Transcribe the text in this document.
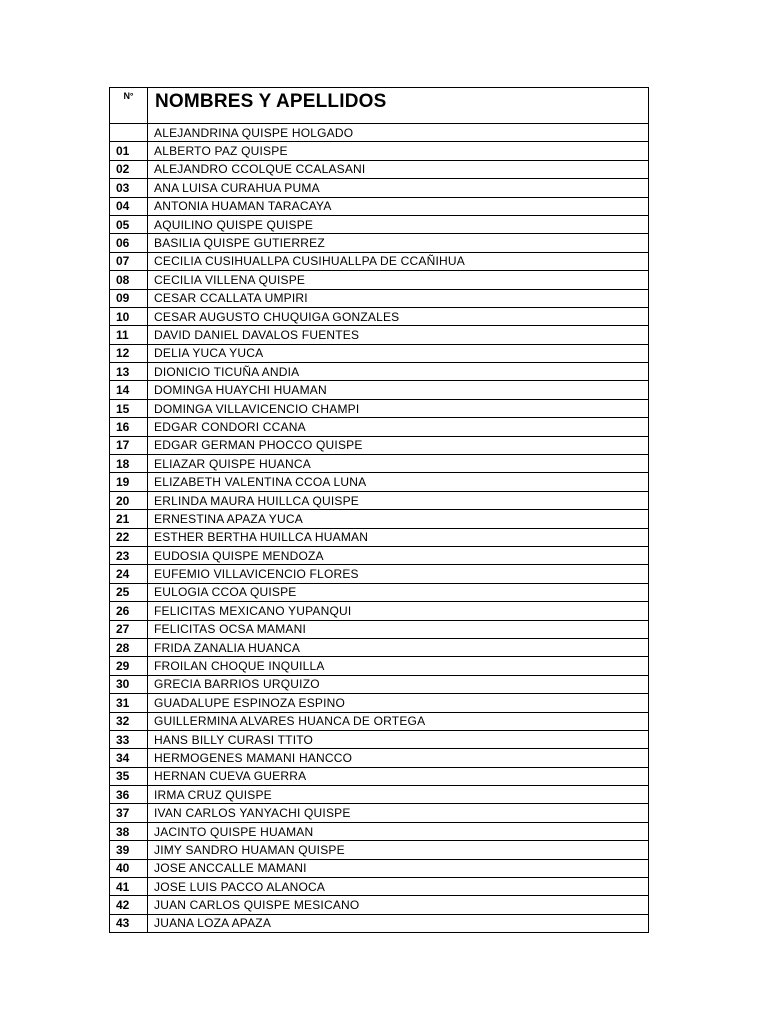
N°	NOMBRES Y APELLIDOS
	ALEJANDRINA QUISPE HOLGADO
01	ALBERTO PAZ QUISPE
02	ALEJANDRO CCOLQUE CCALASANI
03	ANA LUISA CURAHUA PUMA
04	ANTONIA HUAMAN TARACAYA
05	AQUILINO QUISPE QUISPE
06	BASILIA QUISPE GUTIERREZ
07	CECILIA CUSIHUALLPA CUSIHUALLPA DE CCAÑIHUA
08	CECILIA VILLENA QUISPE
09	CESAR CCALLATA UMPIRI
10	CESAR AUGUSTO CHUQUIGA GONZALES
11	DAVID DANIEL DAVALOS FUENTES
12	DELIA YUCA YUCA
13	DIONICIO TICUÑA ANDIA
14	DOMINGA HUAYCHI HUAMAN
15	DOMINGA VILLAVICENCIO CHAMPI
16	EDGAR CONDORI CCANA
17	EDGAR GERMAN PHOCCO QUISPE
18	ELIAZAR QUISPE HUANCA
19	ELIZABETH VALENTINA CCOA LUNA
20	ERLINDA MAURA HUILLCA QUISPE
21	ERNESTINA APAZA YUCA
22	ESTHER BERTHA HUILLCA HUAMAN
23	EUDOSIA QUISPE MENDOZA
24	EUFEMIO VILLAVICENCIO FLORES
25	EULOGIA CCOA QUISPE
26	FELICITAS MEXICANO YUPANQUI
27	FELICITAS OCSA MAMANI
28	FRIDA ZANALIA HUANCA
29	FROILAN CHOQUE INQUILLA
30	GRECIA BARRIOS URQUIZO
31	GUADALUPE ESPINOZA ESPINO
32	GUILLERMINA ALVARES HUANCA DE ORTEGA
33	HANS BILLY CURASI TTITO
34	HERMOGENES MAMANI HANCCO
35	HERNAN CUEVA GUERRA
36	IRMA CRUZ QUISPE
37	IVAN CARLOS YANYACHI QUISPE
38	JACINTO QUISPE HUAMAN
39	JIMY SANDRO HUAMAN QUISPE
40	JOSE ANCCALLE MAMANI
41	JOSE LUIS PACCO ALANOCA
42	JUAN CARLOS QUISPE MESICANO
43	JUANA LOZA APAZA
